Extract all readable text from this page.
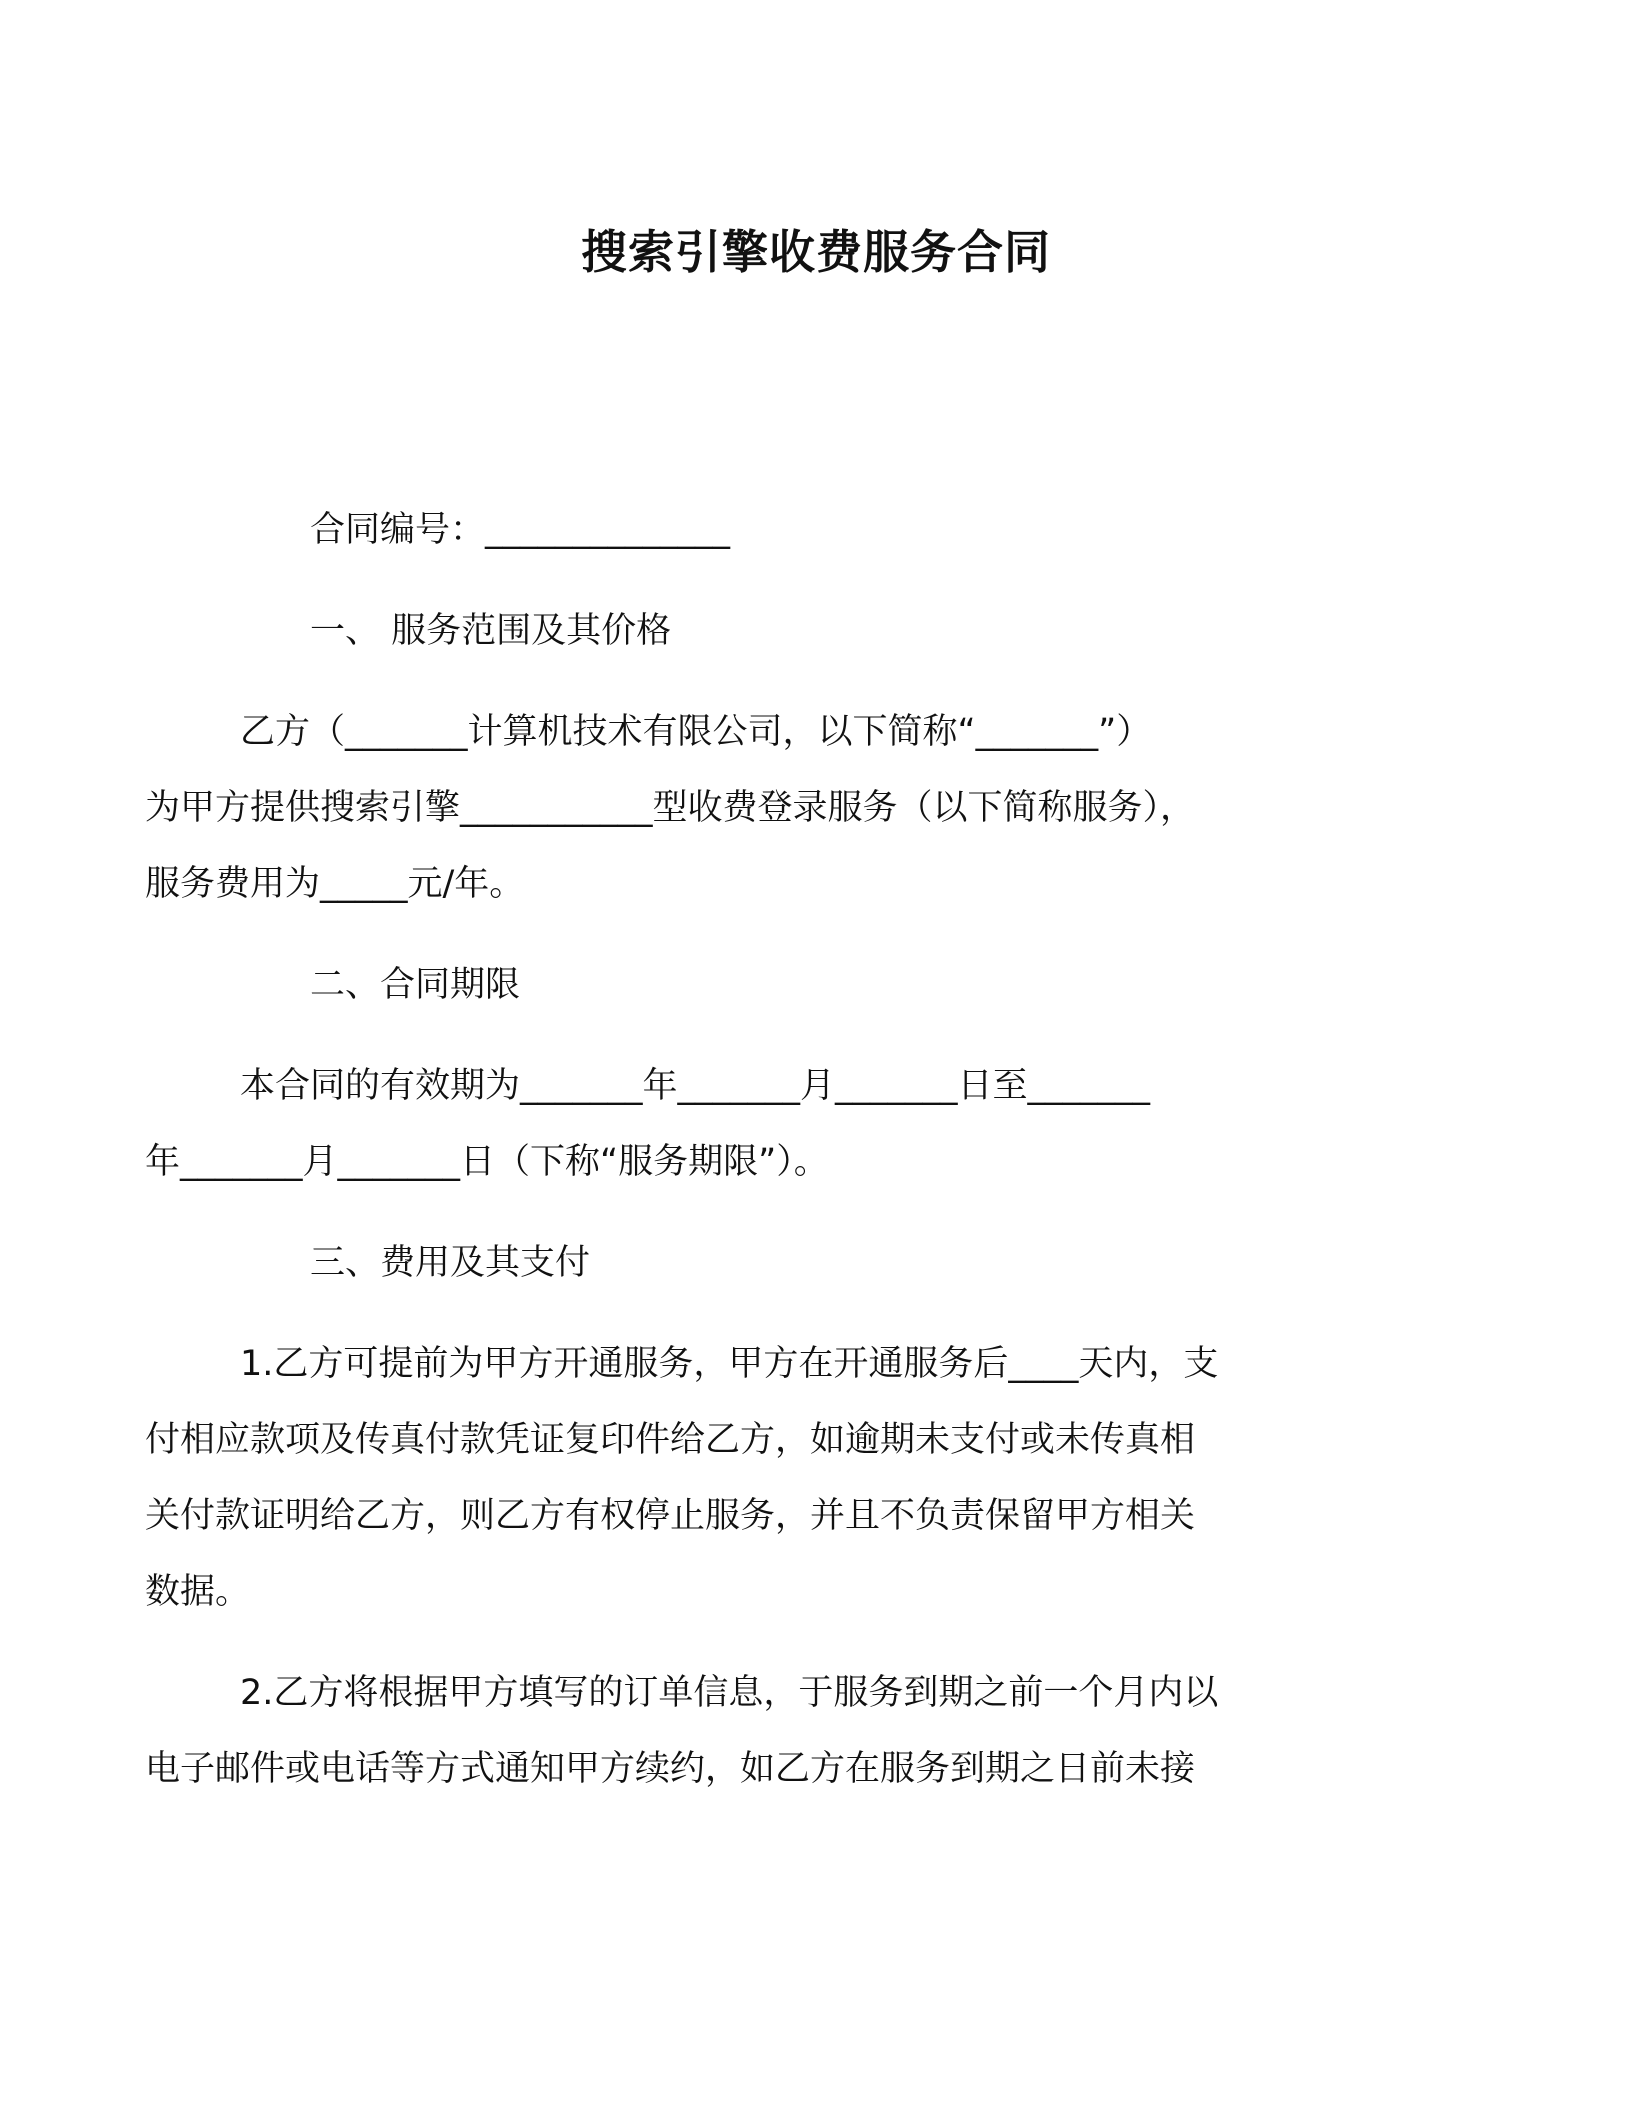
搜索引擎收费服务合同
合同编号：______________
一、 服务范围及其价格
乙方（_______计算机技术有限公司，以下简称“_______”）
为甲方提供搜索引擎___________型收费登录服务（以下简称服务），
服务费用为_____元/年。
二、合同期限
本合同的有效期为_______年_______月_______日至_______
年_______月_______日（下称“服务期限”）。
三、费用及其支付
1.乙方可提前为甲方开通服务，甲方在开通服务后____天内，支
付相应款项及传真付款凭证复印件给乙方，如逾期未支付或未传真相
关付款证明给乙方，则乙方有权停止服务，并且不负责保留甲方相关
数据。
2.乙方将根据甲方填写的订单信息，于服务到期之前一个月内以
电子邮件或电话等方式通知甲方续约，如乙方在服务到期之日前未接
